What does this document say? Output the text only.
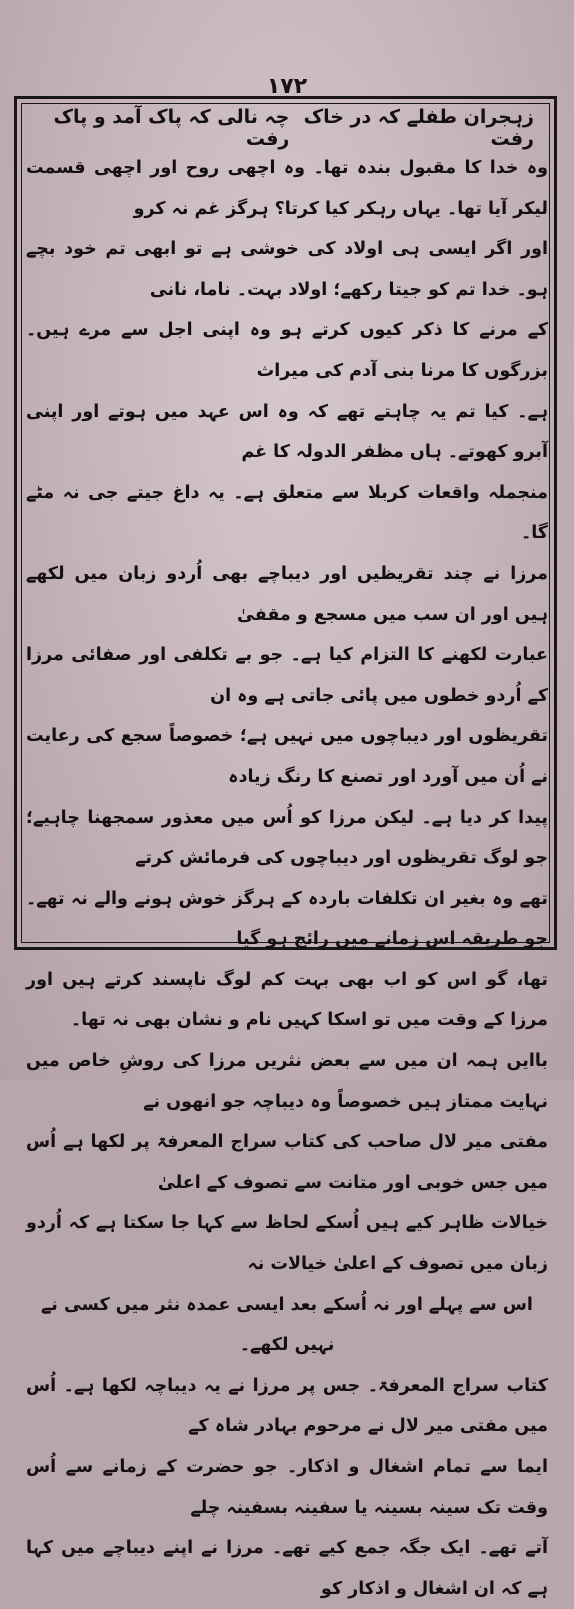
۱۷۲
زہجران طفلے کہ در خاک رفت
چہ نالی کہ پاک آمد و پاک رفت

وہ خدا کا مقبول بندہ تھا۔ وہ اچھی روح اور اچھی قسمت لیکر آیا تھا۔ یہاں رہکر کیا کرتا؟ ہرگز غم نہ کرو

اور اگر ایسی ہی اولاد کی خوشی ہے تو ابھی تم خود بچے ہو۔ خدا تم کو جیتا رکھے؛ اولاد بہت۔ ناما، نانی

کے مرنے کا ذکر کیوں کرتے ہو وہ اپنی اجل سے مرے ہیں۔ بزرگوں کا مرنا بنی آدم کی میراث

ہے۔ کیا تم یہ چاہتے تھے کہ وہ اس عہد میں ہوتے اور اپنی آبرو کھوتے۔ ہاں مظفر الدولہ کا غم

منجملہ واقعات کربلا سے متعلق ہے۔ یہ داغ جیتے جی نہ مٹے گا۔

مرزا نے چند تقریظیں اور دیباچے بھی اُردو زبان میں لکھے ہیں اور ان سب میں مسجع و مقفیٰ

عبارت لکھنے کا التزام کیا ہے۔ جو بے تکلفی اور صفائی مرزا کے اُردو خطوں میں پائی جاتی ہے وہ ان

تقریظوں اور دیباچوں میں نہیں ہے؛ خصوصاً سجع کی رعایت نے اُن میں آورد اور تصنع کا رنگ زیادہ

پیدا کر دیا ہے۔ لیکن مرزا کو اُس میں معذور سمجھنا چاہیے؛ جو لوگ تقریظوں اور دیباچوں کی فرمائش کرتے

تھے وہ بغیر ان تکلفات باردہ کے ہرگز خوش ہونے والے نہ تھے۔ جو طریقہ اس زمانے میں رائج ہو گیا

تھا، گو اس کو اب بھی بہت کم لوگ ناپسند کرتے ہیں اور مرزا کے وقت میں تو اسکا کہیں نام و نشان بھی نہ تھا۔

باایں ہمہ ان میں سے بعض نثریں مرزا کی روشِ خاص میں نہایت ممتاز ہیں خصوصاً وہ دیباچہ جو انھوں نے

مفتی میر لال صاحب کی کتاب سراج المعرفۃ پر لکھا ہے اُس میں جس خوبی اور متانت سے تصوف کے اعلیٰ

خیالات ظاہر کیے ہیں اُسکے لحاظ سے کہا جا سکتا ہے کہ اُردو زبان میں تصوف کے اعلیٰ خیالات نہ

اس سے پہلے اور نہ اُسکے بعد ایسی عمدہ نثر میں کسی نے نہیں لکھے۔

کتاب سراج المعرفۃ۔ جس پر مرزا نے یہ دیباچہ لکھا ہے۔ اُس میں مفتی میر لال نے مرحوم بہادر شاہ کے

ایما سے تمام اشغال و اذکار۔ جو حضرت کے زمانے سے اُس وقت تک سینہ بسینہ یا سفینہ بسفینہ چلے

آتے تھے۔ ایک جگہ جمع کیے تھے۔ مرزا نے اپنے دیباچے میں کہا ہے کہ ان اشغال و اذکار کو
